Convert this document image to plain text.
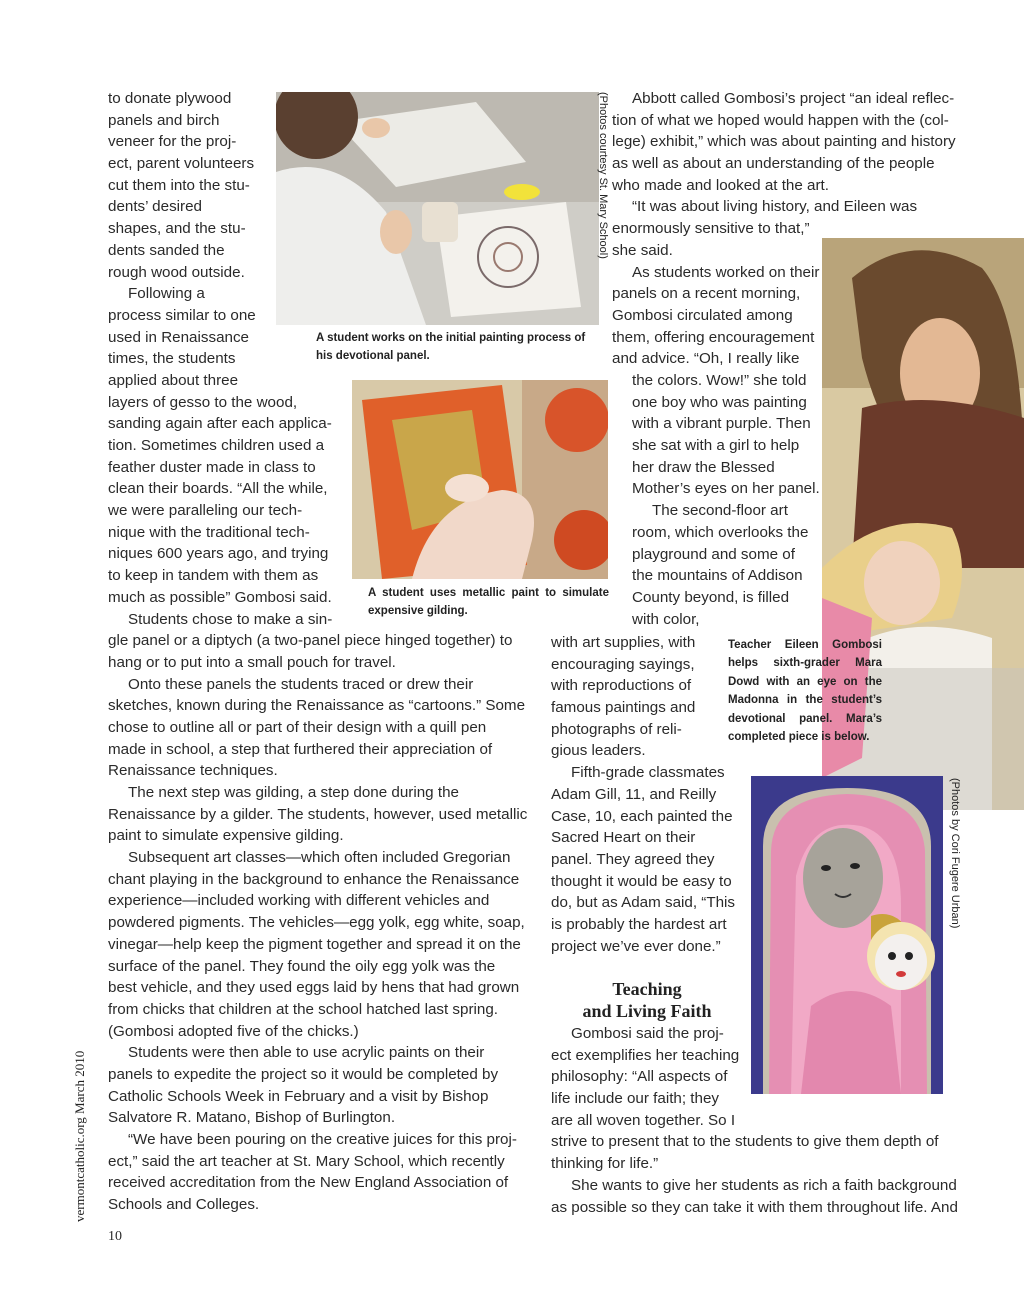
to donate plywood
panels and birch
veneer for the proj-
ect, parent volunteers
cut them into the stu-
dents’ desired
shapes, and the stu-
dents sanded the
rough wood outside.
Following a
process similar to one
used in Renaissance
times, the students
applied about three
layers of gesso to the wood,
sanding again after each applica-
tion. Sometimes children used a
feather duster made in class to
clean their boards. “All the while,
we were paralleling our tech-
nique with the traditional tech-
niques 600 years ago, and trying
to keep in tandem with them as
much as possible” Gombosi said.
Students chose to make a sin-
gle panel or a diptych (a two-panel piece hinged together) to
hang or to put into a small pouch for travel.
Onto these panels the students traced or drew their
sketches, known during the Renaissance as “cartoons.” Some
chose to outline all or part of their design with a quill pen
made in school, a step that furthered their appreciation of
Renaissance techniques.
The next step was gilding, a step done during the
Renaissance by a gilder. The students, however, used metallic
paint to simulate expensive gilding.
Subsequent art classes—which often included Gregorian
chant playing in the background to enhance the Renaissance
experience—included working with different vehicles and
powdered pigments. The vehicles—egg yolk, egg white, soap,
vinegar—help keep the pigment together and spread it on the
surface of the panel. They found the oily egg yolk was the
best vehicle, and they used eggs laid by hens that had grown
from chicks that children at the school hatched last spring.
(Gombosi adopted five of the chicks.)
Students were then able to use acrylic paints on their
panels to expedite the project so it would be completed by
Catholic Schools Week in February and a visit by Bishop
Salvatore R. Matano, Bishop of Burlington.
“We have been pouring on the creative juices for this proj-
ect,” said the art teacher at St. Mary School, which recently
received accreditation from the New England Association of
Schools and Colleges.
(Photos courtesy St. Mary School)
A student works on the initial painting process of
his devotional panel.
A student uses metallic paint to simulate
expensive gilding.
Abbott called Gombosi’s project “an ideal reflec-
tion of what we hoped would happen with the (col-
lege) exhibit,” which was about painting and history
as well as about an understanding of the people
who made and looked at the art.
“It was about living history, and Eileen was
enormously sensitive to that,”
she said.
As students worked on their
panels on a recent morning,
Gombosi circulated among
them, offering encouragement
and advice. “Oh, I really like
the colors. Wow!” she told
one boy who was painting
with a vibrant purple. Then
she sat with a girl to help
her draw the Blessed
Mother’s eyes on her panel.
The second-floor art
room, which overlooks the
playground and some of
the mountains of Addison
County beyond, is filled
with color,
Teacher Eileen Gombosi
helps sixth-grader Mara
Dowd with an eye on the
Madonna in the student’s
devotional panel. Mara’s
completed piece is below.
with art supplies, with
encouraging sayings,
with reproductions of
famous paintings and
photographs of reli-
gious leaders.
Fifth-grade classmates
Adam Gill, 11, and Reilly
Case, 10, each painted the
Sacred Heart on their
panel. They agreed they
thought it would be easy to
do, but as Adam said, “This
is probably the hardest art
project we’ve ever done.”
(Photos by Cori Fugere Urban)
Teaching
and Living Faith
Gombosi said the proj-
ect exemplifies her teaching
philosophy: “All aspects of
life include our faith; they
are all woven together. So I
strive to present that to the students to give them depth of
thinking for life.”
She wants to give her students as rich a faith background
as possible so they can take it with them throughout life. And
vermontcatholic.org March 2010
10
